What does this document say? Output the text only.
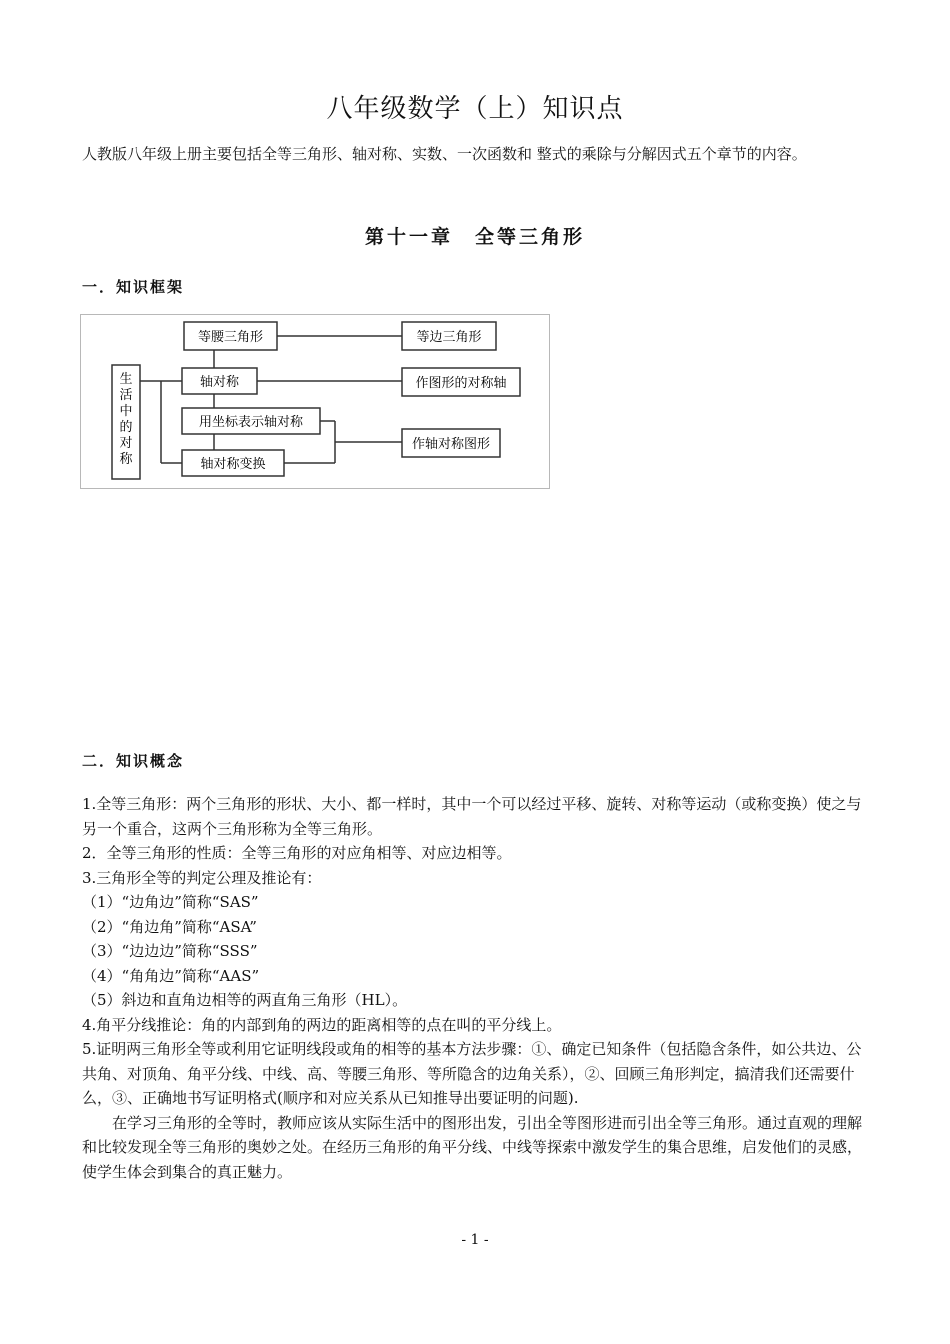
八年级数学（上）知识点
人教版八年级上册主要包括全等三角形、轴对称、实数、一次函数和 整式的乘除与分解因式五个章节的内容。
第十一章　全等三角形
一．知识框架
生活中的对称
等腰三角形	等边三角形
轴对称	作图形的对称轴
用坐标表示轴对称
作轴对称图形
轴对称变换
二．知识概念

1.全等三角形：两个三角形的形状、大小、都一样时，其中一个可以经过平移、旋转、对称等运动（或称变换）使之与另一个重合，这两个三角形称为全等三角形。

2．全等三角形的性质：全等三角形的对应角相等、对应边相等。

3.三角形全等的判定公理及推论有：

（1）“边角边”简称“SAS”

（2）“角边角”简称“ASA”

（3）“边边边”简称“SSS”

（4）“角角边”简称“AAS”

（5）斜边和直角边相等的两直角三角形（HL）。

4.角平分线推论：角的内部到角的两边的距离相等的点在叫的平分线上。

5.证明两三角形全等或利用它证明线段或角的相等的基本方法步骤：①、确定已知条件（包括隐含条件，如公共边、公共角、对顶角、角平分线、中线、高、等腰三角形、等所隐含的边角关系），②、回顾三角形判定，搞清我们还需要什么，③、正确地书写证明格式(顺序和对应关系从已知推导出要证明的问题).

在学习三角形的全等时，教师应该从实际生活中的图形出发，引出全等图形进而引出全等三角形。通过直观的理解和比较发现全等三角形的奥妙之处。在经历三角形的角平分线、中线等探索中激发学生的集合思维，启发他们的灵感，使学生体会到集合的真正魅力。

- 1 -
